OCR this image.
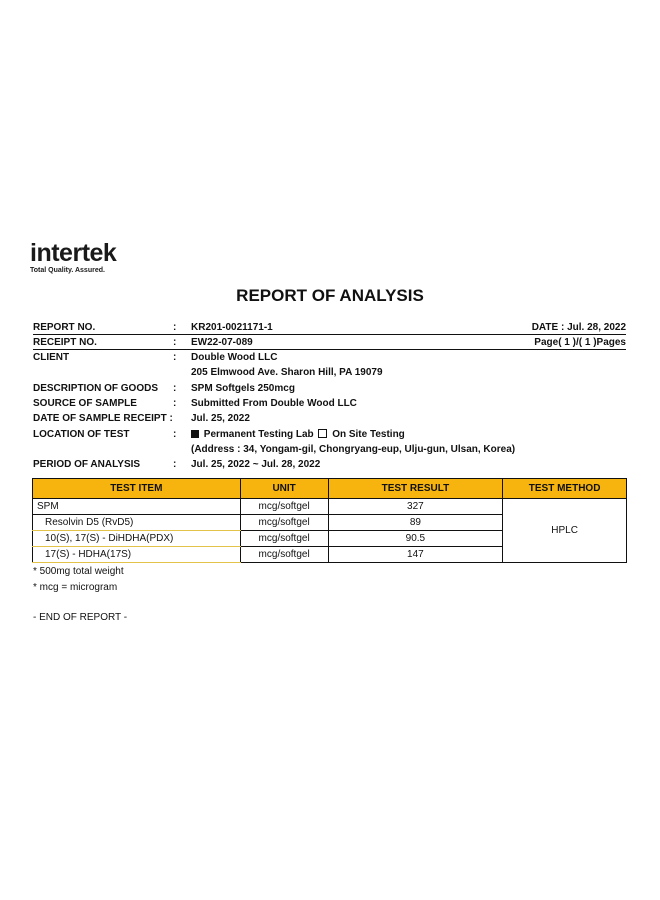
intertek
Total Quality. Assured.
REPORT OF ANALYSIS
REPORT NO.	: KR201-0021171-1	DATE : Jul. 28, 2022
RECEIPT NO.	: EW22-07-089	Page( 1 )/( 1 )Pages
CLIENT	: Double Wood LLC
205 Elmwood Ave. Sharon Hill, PA 19079
DESCRIPTION OF GOODS : SPM Softgels 250mcg
SOURCE OF SAMPLE	: Submitted From Double Wood LLC
DATE OF SAMPLE RECEIPT : Jul. 25, 2022
LOCATION OF TEST	:	Permanent Testing Lab On Site Testing
(Address : 34, Yongam-gil, Chongryang-eup, Ulju-gun, Ulsan, Korea)
PERIOD OF ANALYSIS	: Jul. 25, 2022 ~ Jul. 28, 2022
TEST ITEM	UNIT	TEST RESULT	TEST METHOD
SPM	mcg/softgel	327	HPLC
Resolvin D5 (RvD5)	mcg/softgel	89	
10(S), 17(S) - DiHDHA(PDX)	mcg/softgel	90.5	
17(S) - HDHA(17S)	mcg/softgel	147	
* 500mg total weight
* mcg = microgram
- END OF REPORT -
